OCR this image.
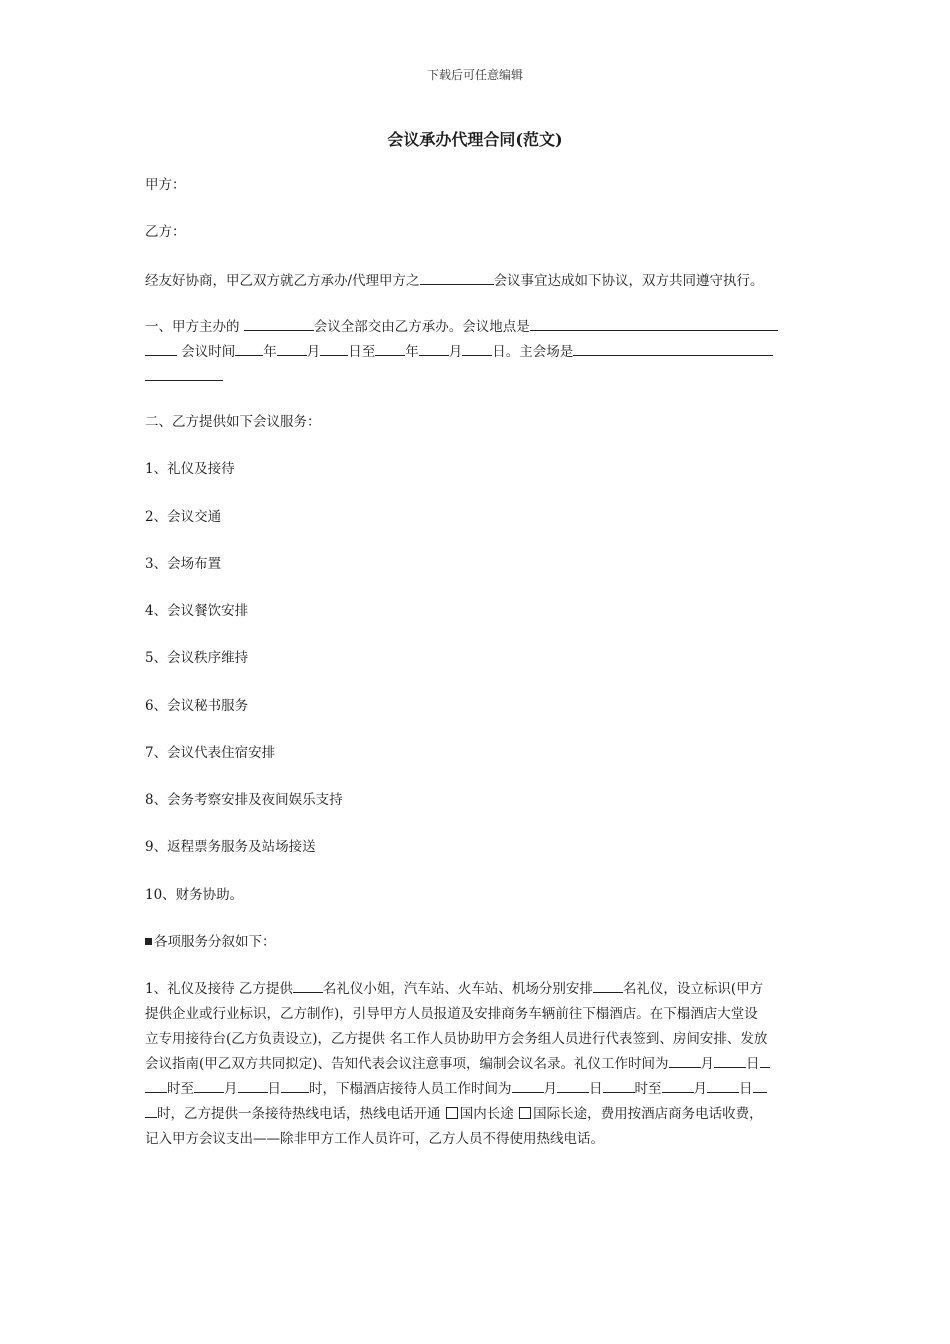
下载后可任意编辑
会议承办代理合同(范文)
甲方：
乙方：
经友好协商，甲乙双方就乙方承办/代理甲方之	会议事宜达成如下协议，双方共同遵守执行。
一、甲方主办的	会议全部交由乙方承办。会议地点是
会议时间 年 月 日至 年 月 日。主会场是
二、乙方提供如下会议服务：
1、礼仪及接待
2、会议交通
3、会场布置
4、会议餐饮安排
5、会议秩序维持
6、会议秘书服务
7、会议代表住宿安排
8、会务考察安排及夜间娱乐支持
9、返程票务服务及站场接送
10、财务协助。
各项服务分叙如下：
1、礼仪及接待 乙方提供 名礼仪小姐，汽车站、火车站、机场分别安排 名礼仪，设立标识(甲方
提供企业或行业标识，乙方制作)，引导甲方人员报道及安排商务车辆前往下榻酒店。在下榻酒店大堂设
立专用接待台(乙方负责设立)，乙方提供 名工作人员协助甲方会务组人员进行代表签到、房间安排、发放
会议指南(甲乙双方共同拟定)、告知代表会议注意事项，编制会议名录。礼仪工作时间为 月 日
时至 月 日 时，下榻酒店接待人员工作时间为 月 日 时至 月 日
时，乙方提供一条接待热线电话，热线电话开通 国内长途 国际长途，费用按酒店商务电话收费，
记入甲方会议支出——除非甲方工作人员许可，乙方人员不得使用热线电话。
